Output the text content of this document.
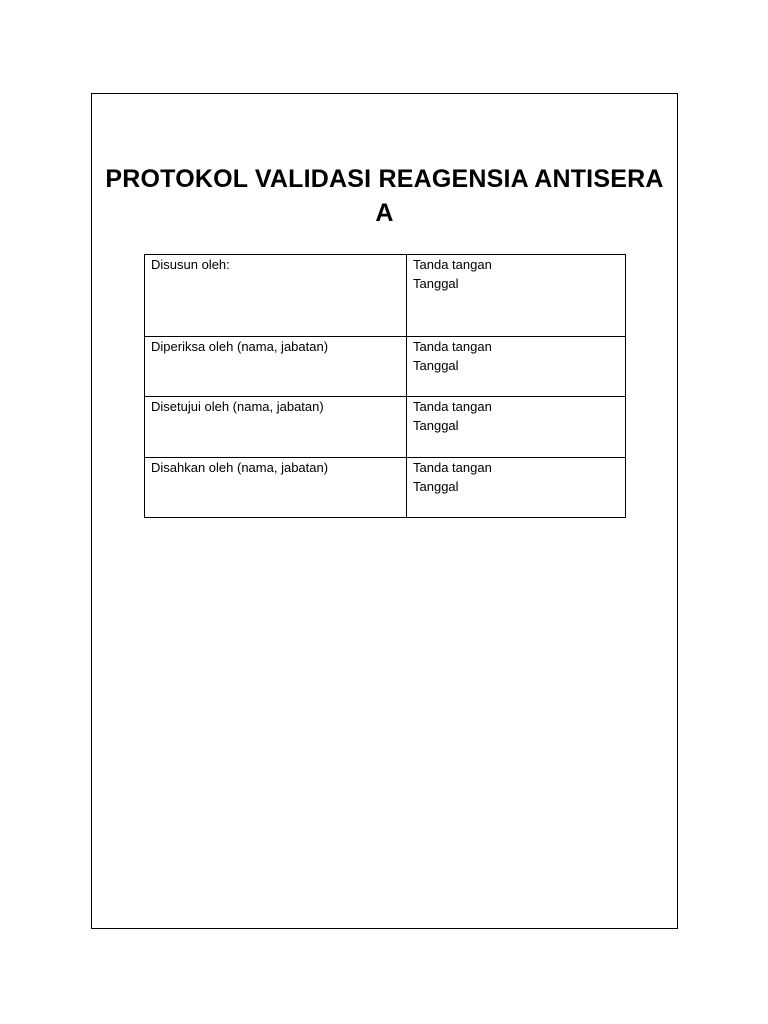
PROTOKOL VALIDASI REAGENSIA ANTISERA A
Disusun oleh:	Tanda tangan
Tanggal

Diperiksa oleh (nama, jabatan)	Tanda tangan
Tanggal

Disetujui oleh (nama, jabatan)	Tanda tangan
Tanggal

Disahkan oleh (nama, jabatan)	Tanda tangan
Tanggal
